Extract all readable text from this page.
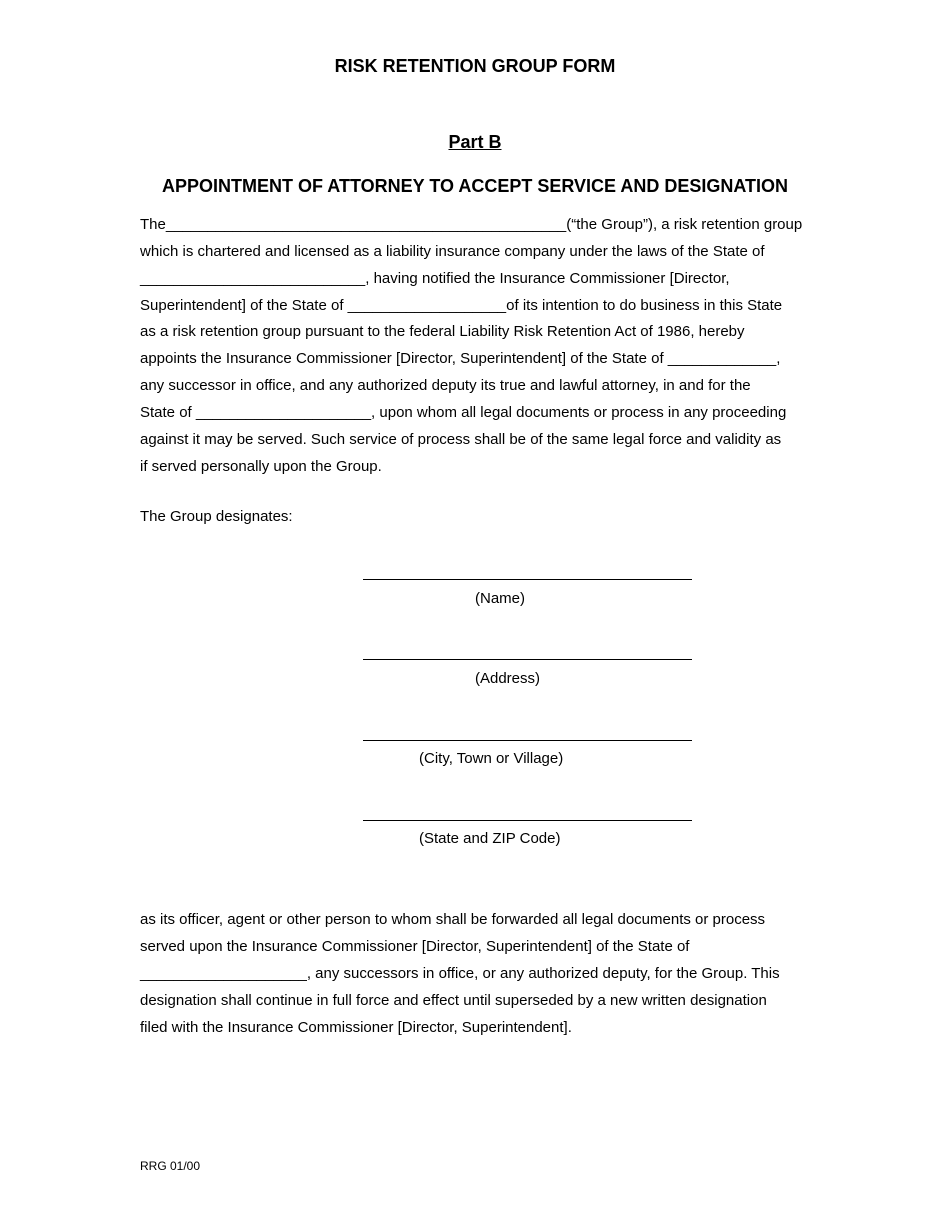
RISK RETENTION GROUP FORM
Part B
APPOINTMENT OF ATTORNEY TO ACCEPT SERVICE AND DESIGNATION
The________________________________________________(“the Group”), a risk retention group
which is chartered and licensed as a liability insurance company under the laws of the State of
___________________________, having notified the Insurance Commissioner [Director,
Superintendent] of the State of ___________________of its intention to do business in this State
as a risk retention group pursuant to the federal Liability Risk Retention Act of 1986, hereby
appoints the Insurance Commissioner [Director, Superintendent] of the State of _____________,
any successor in office, and any authorized deputy its true and lawful attorney, in and for the
State of _____________________, upon whom all legal documents or process in any proceeding
against it may be served. Such service of process shall be of the same legal force and validity as
if served personally upon the Group.

The Group designates:

(Name)
(Address)
(City, Town or Village)
(State and ZIP Code)
as its officer, agent or other person to whom shall be forwarded all legal documents or process
served upon the Insurance Commissioner [Director, Superintendent] of the State of
____________________, any successors in office, or any authorized deputy, for the Group. This
designation shall continue in full force and effect until superseded by a new written designation
filed with the Insurance Commissioner [Director, Superintendent].
RRG 01/00
